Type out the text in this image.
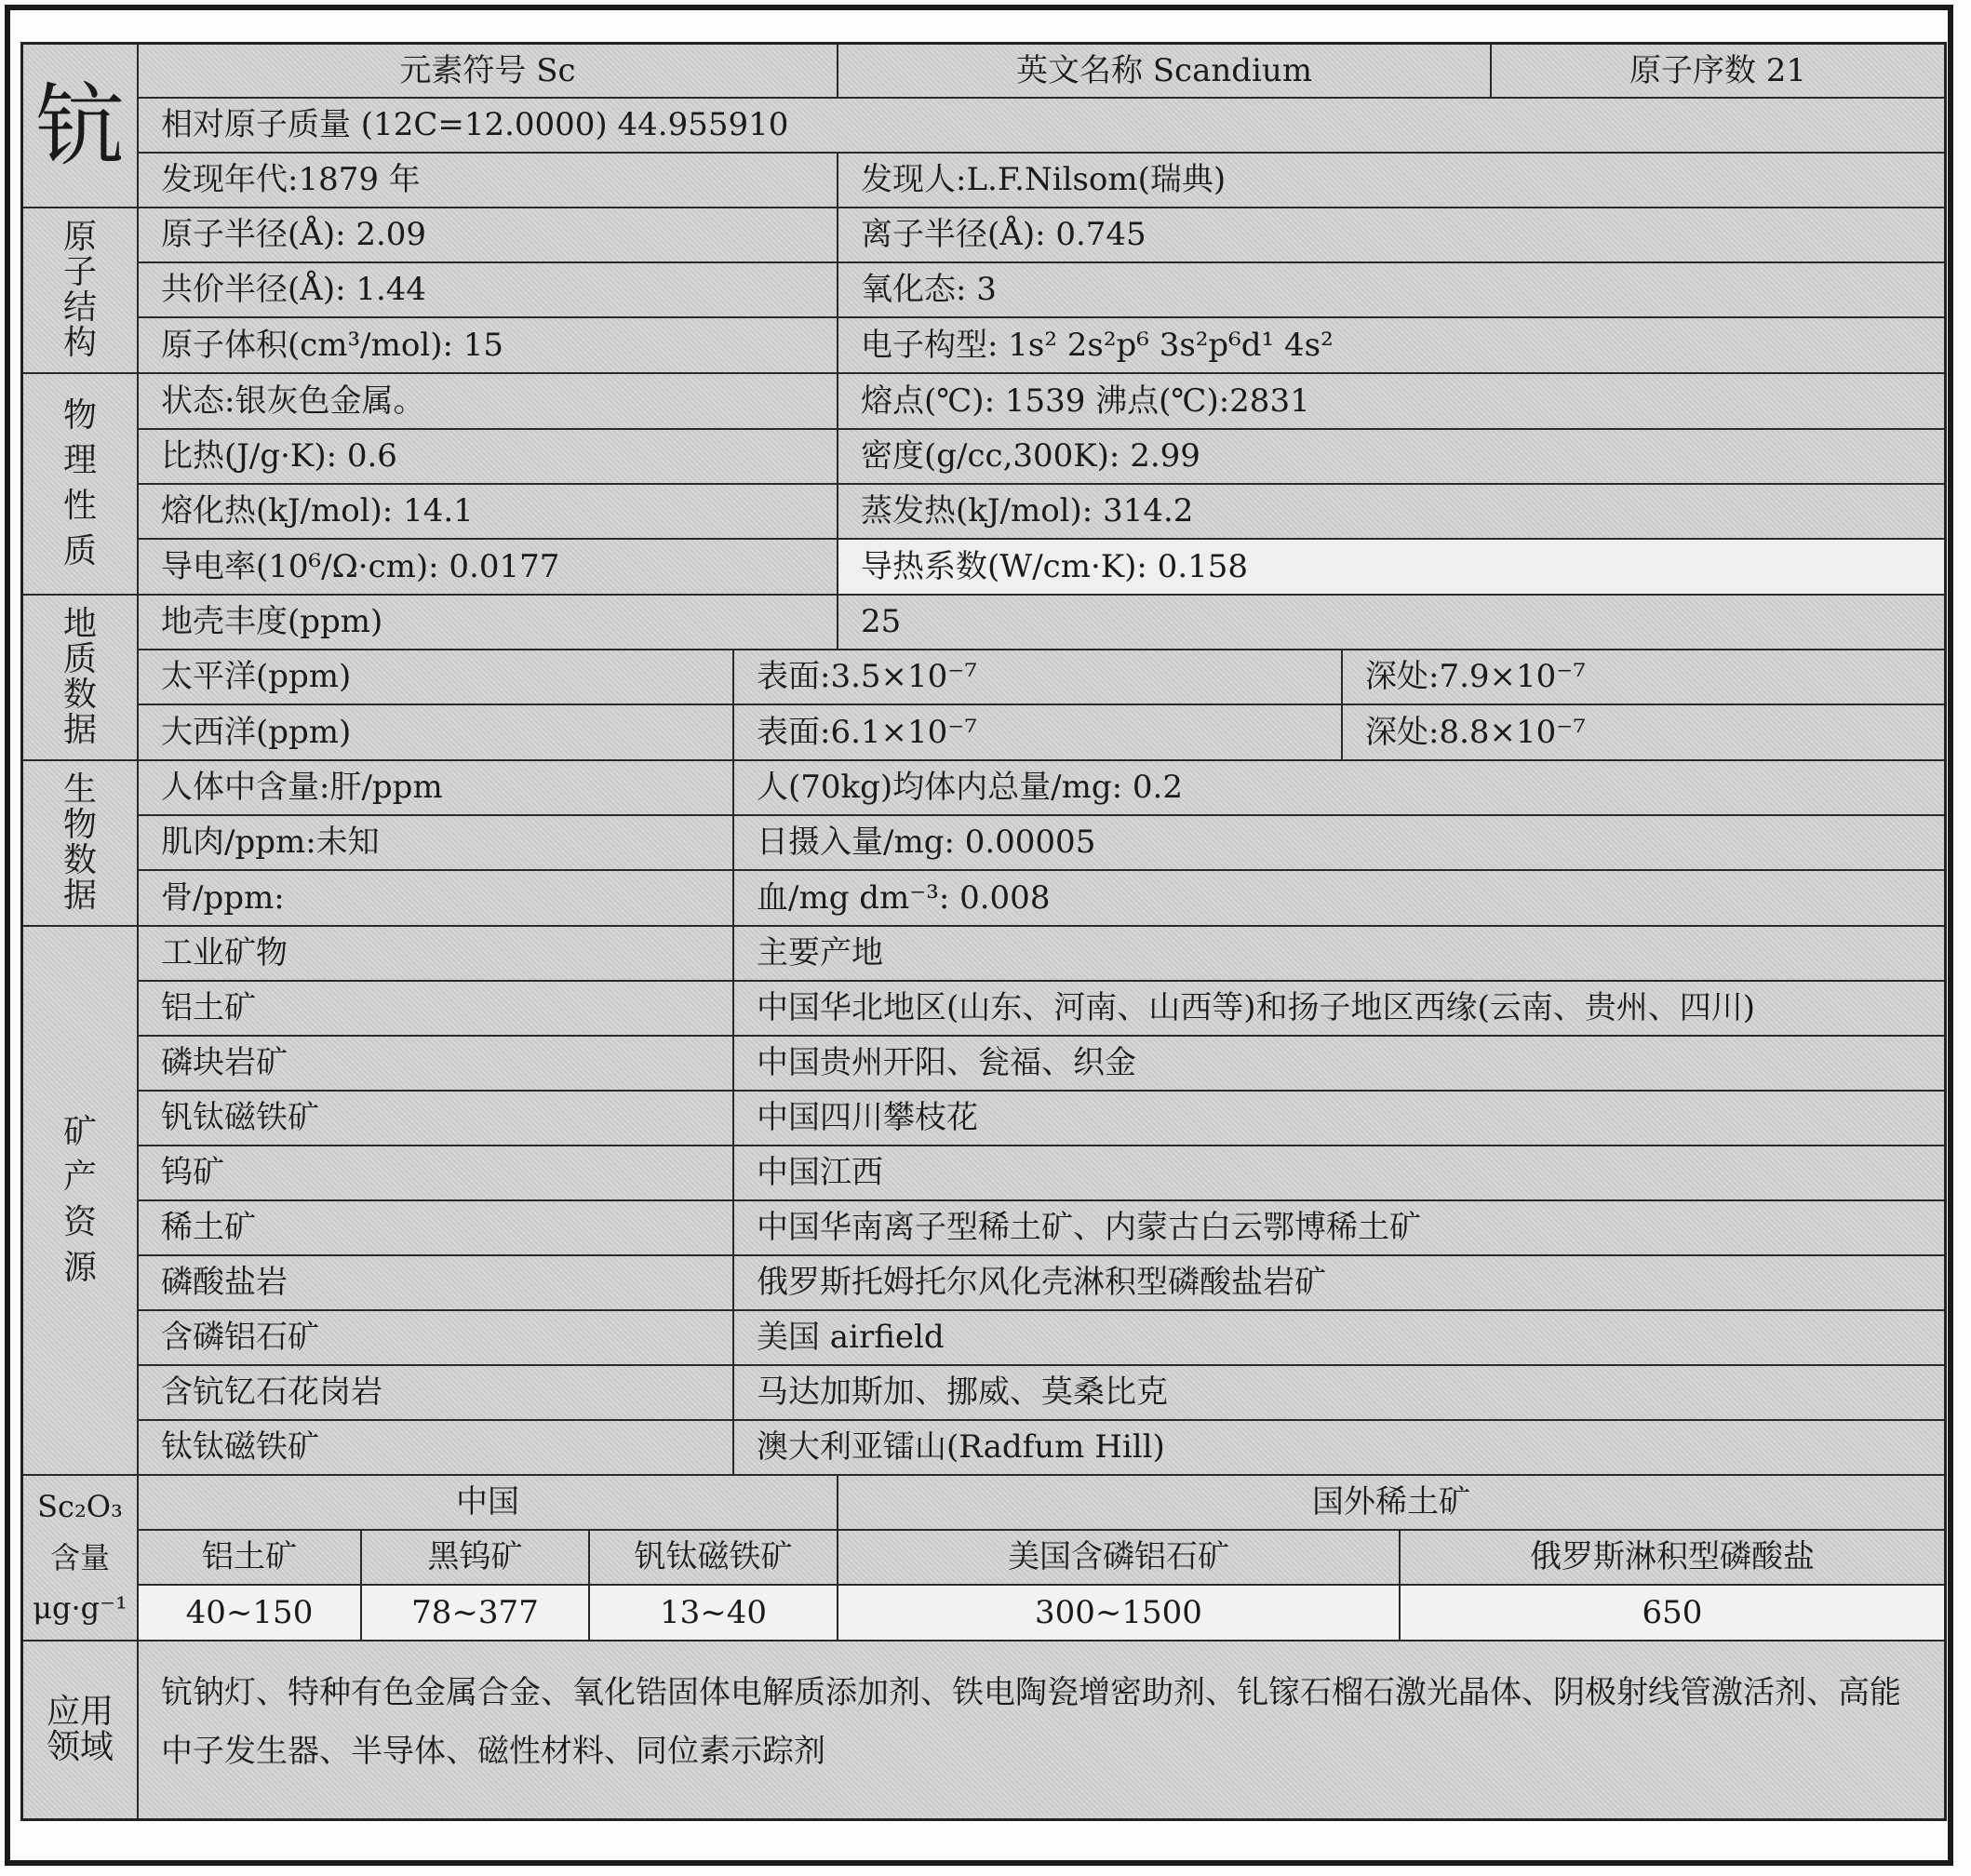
钪
元素符号 Sc	英文名称 Scandium	原子序数 21
相对原子质量 (12C=12.0000) 44.955910
发现年代:1879 年	发现人:L.F.Nilsom(瑞典)
原
子
结
构
原子半径(Å): 2.09	离子半径(Å): 0.745
共价半径(Å): 1.44	氧化态: 3
原子体积(cm³/mol): 15	电子构型: 1s² 2s²p⁶ 3s²p⁶d¹ 4s²
物
理
性
质
状态:银灰色金属。	熔点(℃): 1539 沸点(℃):2831
比热(J/g·K): 0.6	密度(g/cc,300K): 2.99
熔化热(kJ/mol): 14.1	蒸发热(kJ/mol): 314.2
导电率(10⁶/Ω·cm): 0.0177	导热系数(W/cm·K): 0.158
地
质
数
据
地壳丰度(ppm)	25
太平洋(ppm)	表面:3.5×10⁻⁷	深处:7.9×10⁻⁷
大西洋(ppm)	表面:6.1×10⁻⁷	深处:8.8×10⁻⁷
生
物
数
据
人体中含量:肝/ppm	人(70kg)均体内总量/mg: 0.2
肌肉/ppm:未知	日摄入量/mg: 0.00005
骨/ppm:	血/mg dm⁻³: 0.008
矿
产
资
源
工业矿物	主要产地
铝土矿	中国华北地区(山东、河南、山西等)和扬子地区西缘(云南、贵州、四川)
磷块岩矿	中国贵州开阳、瓮福、织金
钒钛磁铁矿	中国四川攀枝花
钨矿	中国江西
稀土矿	中国华南离子型稀土矿、内蒙古白云鄂博稀土矿
磷酸盐岩	俄罗斯托姆托尔风化壳淋积型磷酸盐岩矿
含磷铝石矿	美国 airfield
含钪钇石花岗岩	马达加斯加、挪威、莫桑比克
钛钛磁铁矿	澳大利亚镭山(Radfum Hill)
Sc₂O₃
含量
μg·g⁻¹
中国	国外稀土矿
铝土矿	黑钨矿	钒钛磁铁矿	美国含磷铝石矿	俄罗斯淋积型磷酸盐
40~150	78~377	13~40	300~1500	650
应用
领域
钪钠灯、特种有色金属合金、氧化锆固体电解质添加剂、铁电陶瓷增密助剂、钆镓石榴石激光晶体、阴极射线管激活剂、高能中子发生器、半导体、磁性材料、同位素示踪剂
